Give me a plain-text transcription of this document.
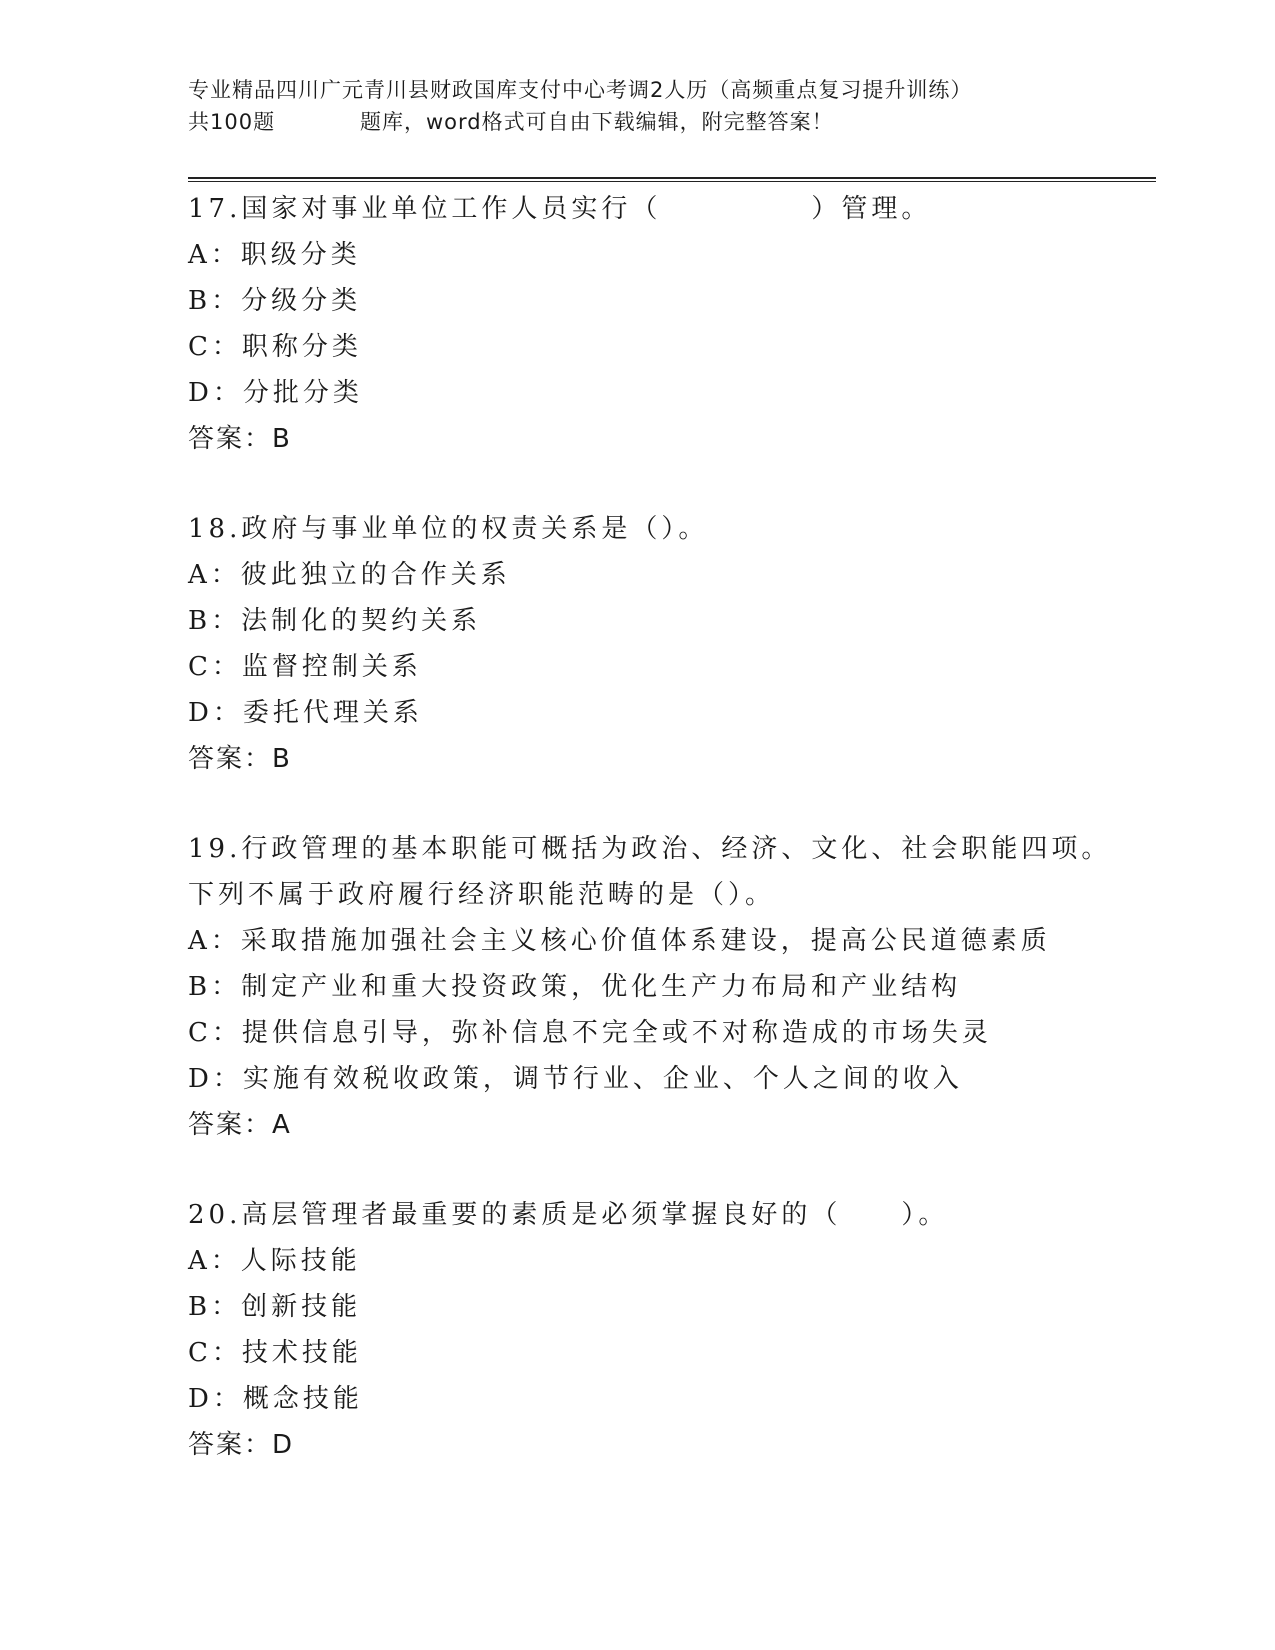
专业精品四川广元青川县财政国库支付中心考调2人历（高频重点复习提升训练）
共100题	题库，word格式可自由下载编辑，附完整答案！
17.国家对事业单位工作人员实行（　　　　　）管理。
A：职级分类
B：分级分类
C：职称分类
D：分批分类
答案：B
18.政府与事业单位的权责关系是（）。
A：彼此独立的合作关系
B：法制化的契约关系
C：监督控制关系
D：委托代理关系
答案：B
19.行政管理的基本职能可概括为政治、经济、文化、社会职能四项。
下列不属于政府履行经济职能范畴的是（）。
A：采取措施加强社会主义核心价值体系建设，提高公民道德素质
B：制定产业和重大投资政策，优化生产力布局和产业结构
C：提供信息引导，弥补信息不完全或不对称造成的市场失灵
D：实施有效税收政策，调节行业、企业、个人之间的收入
答案：A
20.高层管理者最重要的素质是必须掌握良好的（　　）。
A：人际技能
B：创新技能
C：技术技能
D：概念技能
答案：D
